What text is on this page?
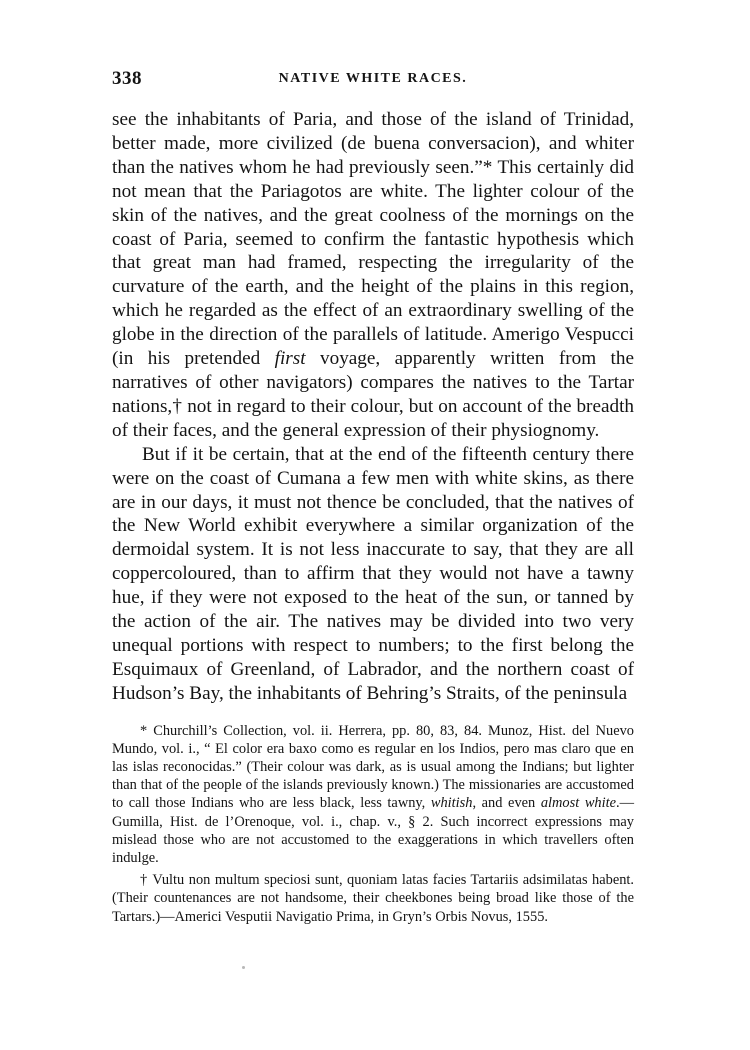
338	NATIVE WHITE RACES.

see the inhabitants of Paria, and those of the island of Trinidad, better made, more civilized (de buena conversacion), and whiter than the natives whom he had previously seen.”* This certainly did not mean that the Pariagotos are white. The lighter colour of the skin of the natives, and the great coolness of the mornings on the coast of Paria, seemed to confirm the fantastic hypothesis which that great man had framed, respecting the irregularity of the curvature of the earth, and the height of the plains in this region, which he regarded as the effect of an extraordinary swelling of the globe in the direction of the parallels of latitude. Amerigo Vespucci (in his pretended first voyage, apparently written from the narratives of other navigators) compares the natives to the Tartar nations,† not in regard to their colour, but on account of the breadth of their faces, and the general expression of their physiognomy.

But if it be certain, that at the end of the fifteenth century there were on the coast of Cumana a few men with white skins, as there are in our days, it must not thence be concluded, that the natives of the New World exhibit everywhere a similar organization of the dermoidal system. It is not less inaccurate to say, that they are all coppercoloured, than to affirm that they would not have a tawny hue, if they were not exposed to the heat of the sun, or tanned by the action of the air. The natives may be divided into two very unequal portions with respect to numbers; to the first belong the Esquimaux of Greenland, of Labrador, and the northern coast of Hudson’s Bay, the inhabitants of Behring’s Straits, of the peninsula

* Churchill’s Collection, vol. ii. Herrera, pp. 80, 83, 84. Munoz, Hist. del Nuevo Mundo, vol. i., “ El color era baxo como es regular en los Indios, pero mas claro que en las islas reconocidas.” (Their colour was dark, as is usual among the Indians; but lighter than that of the people of the islands previously known.) The missionaries are accustomed to call those Indians who are less black, less tawny, whitish, and even almost white.—Gumilla, Hist. de l’Orenoque, vol. i., chap. v., § 2. Such incorrect expressions may mislead those who are not accustomed to the exaggerations in which travellers often indulge.

† Vultu non multum speciosi sunt, quoniam latas facies Tartariis adsimilatas habent. (Their countenances are not handsome, their cheekbones being broad like those of the Tartars.)—Americi Vesputii Navigatio Prima, in Gryn’s Orbis Novus, 1555.
